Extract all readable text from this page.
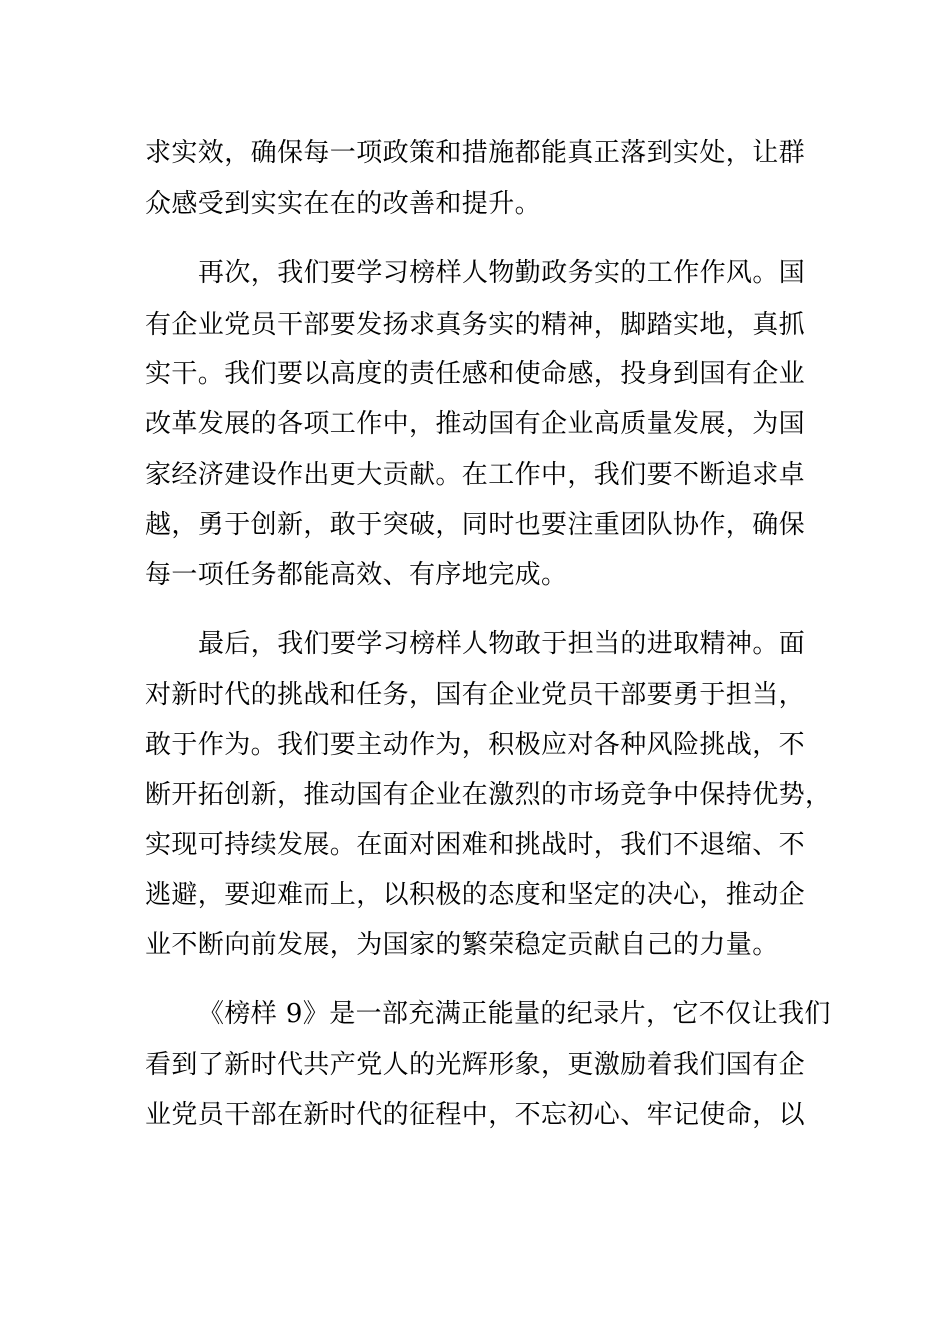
求实效，确保每一项政策和措施都能真正落到实处，让群

众感受到实实在在的改善和提升。

再次，我们要学习榜样人物勤政务实的工作作风。国

有企业党员干部要发扬求真务实的精神，脚踏实地，真抓

实干。我们要以高度的责任感和使命感，投身到国有企业

改革发展的各项工作中，推动国有企业高质量发展，为国

家经济建设作出更大贡献。在工作中，我们要不断追求卓

越，勇于创新，敢于突破，同时也要注重团队协作，确保

每一项任务都能高效、有序地完成。

最后，我们要学习榜样人物敢于担当的进取精神。面

对新时代的挑战和任务，国有企业党员干部要勇于担当，

敢于作为。我们要主动作为，积极应对各种风险挑战，不

断开拓创新，推动国有企业在激烈的市场竞争中保持优势，

实现可持续发展。在面对困难和挑战时，我们不退缩、不

逃避，要迎难而上，以积极的态度和坚定的决心，推动企

业不断向前发展，为国家的繁荣稳定贡献自己的力量。

《榜样 9》是一部充满正能量的纪录片，它不仅让我们

看到了新时代共产党人的光辉形象，更激励着我们国有企

业党员干部在新时代的征程中，不忘初心、牢记使命，以
